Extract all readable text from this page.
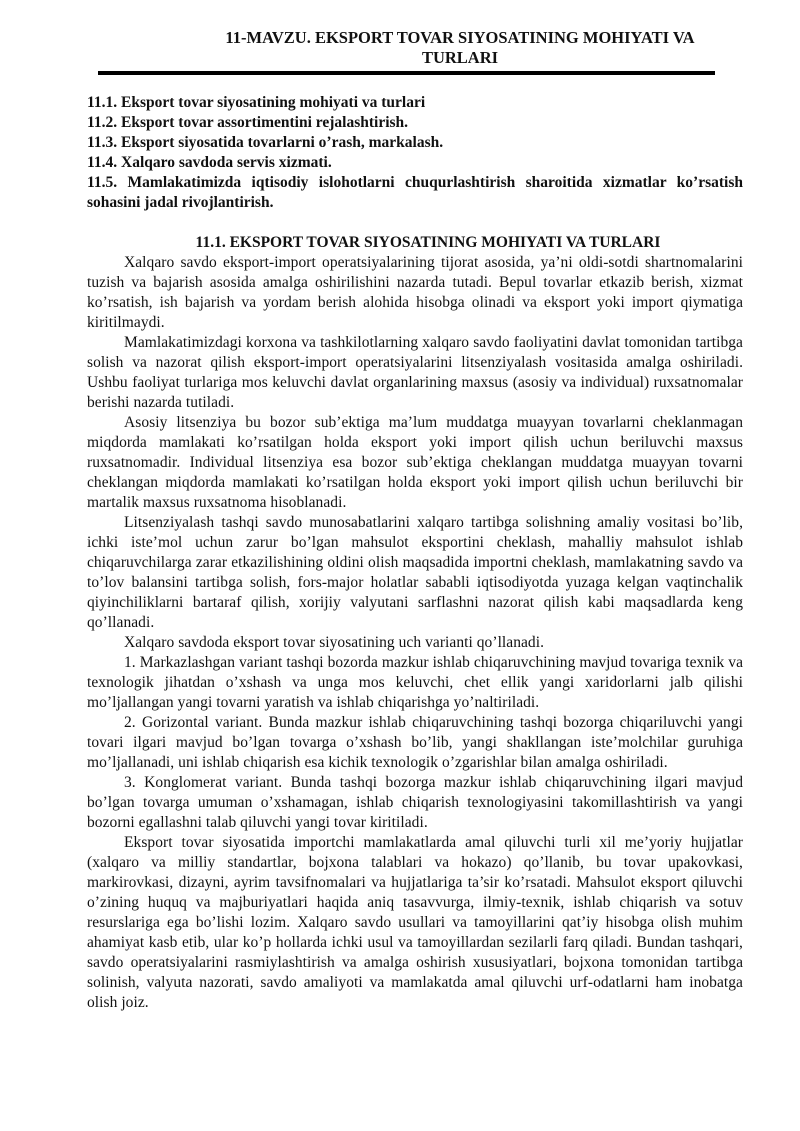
11-MAVZU. EKSPORT TOVAR SIYOSATINING MOHIYATI VA TURLARI
11.1. Eksport tovar siyosatining mohiyati va turlari
11.2. Eksport tovar assortimentini rejalashtirish.
11.3. Eksport siyosatida tovarlarni o’rash, markalash.
11.4. Xalqaro savdoda servis xizmati.
11.5. Mamlakatimizda iqtisodiy islohotlarni chuqurlashtirish sharoitida xizmatlar ko’rsatish sohasini jadal rivojlantirish.
11.1. EKSPORT TOVAR SIYOSATINING MOHIYATI VA TURLARI

Xalqaro savdo eksport-import operatsiyalarining tijorat asosida, ya’ni oldi-sotdi shartnomalarini tuzish va bajarish asosida amalga oshirilishini nazarda tutadi. Bepul tovarlar etkazib berish, xizmat ko’rsatish, ish bajarish va yordam berish alohida hisobga olinadi va eksport yoki import qiymatiga kiritilmaydi.

Mamlakatimizdagi korxona va tashkilotlarning xalqaro savdo faoliyatini davlat tomonidan tartibga solish va nazorat qilish eksport-import operatsiyalarini litsenziyalash vositasida amalga oshiriladi. Ushbu faoliyat turlariga mos keluvchi davlat organlarining maxsus (asosiy va individual) ruxsatnomalar berishi nazarda tutiladi.

Asosiy litsenziya bu bozor sub’ektiga ma’lum muddatga muayyan tovarlarni cheklanmagan miqdorda mamlakati ko’rsatilgan holda eksport yoki import qilish uchun beriluvchi maxsus ruxsatnomadir. Individual litsenziya esa bozor sub’ektiga cheklangan muddatga muayyan tovarni cheklangan miqdorda mamlakati ko’rsatilgan holda eksport yoki import qilish uchun beriluvchi bir martalik maxsus ruxsatnoma hisoblanadi.

Litsenziyalash tashqi savdo munosabatlarini xalqaro tartibga solishning amaliy vositasi bo’lib, ichki iste’mol uchun zarur bo’lgan mahsulot eksportini cheklash, mahalliy mahsulot ishlab chiqaruvchilarga zarar etkazilishining oldini olish maqsadida importni cheklash, mamlakatning savdo va to’lov balansini tartibga solish, fors-major holatlar sababli iqtisodiyotda yuzaga kelgan vaqtinchalik qiyinchiliklarni bartaraf qilish, xorijiy valyutani sarflashni nazorat qilish kabi maqsadlarda keng qo’llanadi.

Xalqaro savdoda eksport tovar siyosatining uch varianti qo’llanadi.

1. Markazlashgan variant tashqi bozorda mazkur ishlab chiqaruvchining mavjud tovariga texnik va texnologik jihatdan o’xshash va unga mos keluvchi, chet ellik yangi xaridorlarni jalb qilishi mo’ljallangan yangi tovarni yaratish va ishlab chiqarishga yo’naltiriladi.

2. Gorizontal variant. Bunda mazkur ishlab chiqaruvchining tashqi bozorga chiqariluvchi yangi tovari ilgari mavjud bo’lgan tovarga o’xshash bo’lib, yangi shakllangan iste’molchilar guruhiga mo’ljallanadi, uni ishlab chiqarish esa kichik texnologik o’zgarishlar bilan amalga oshiriladi.

3. Konglomerat variant. Bunda tashqi bozorga mazkur ishlab chiqaruvchining ilgari mavjud bo’lgan tovarga umuman o’xshamagan, ishlab chiqarish texnologiyasini takomillashtirish va yangi bozorni egallashni talab qiluvchi yangi tovar kiritiladi.

Eksport tovar siyosatida importchi mamlakatlarda amal qiluvchi turli xil me’yoriy hujjatlar (xalqaro va milliy standartlar, bojxona talablari va hokazo) qo’llanib, bu tovar upakovkasi, markirovkasi, dizayni, ayrim tavsifnomalari va hujjatlariga ta’sir ko’rsatadi. Mahsulot eksport qiluvchi o’zining huquq va majburiyatlari haqida aniq tasavvurga, ilmiy-texnik, ishlab chiqarish va sotuv resurslariga ega bo’lishi lozim. Xalqaro savdo usullari va tamoyillarini qat’iy hisobga olish muhim ahamiyat kasb etib, ular ko’p hollarda ichki usul va tamoyillardan sezilarli farq qiladi. Bundan tashqari, savdo operatsiyalarini rasmiylashtirish va amalga oshirish xususiyatlari, bojxona tomonidan tartibga solinish, valyuta nazorati, savdo amaliyoti va mamlakatda amal qiluvchi urf-odatlarni ham inobatga olish joiz.
